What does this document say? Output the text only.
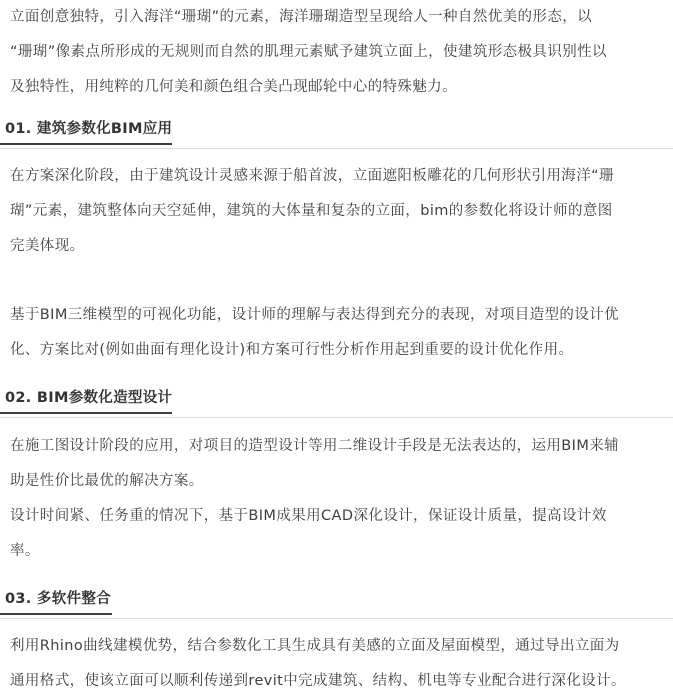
立面创意独特，引入海洋“珊瑚”的元素，海洋珊瑚造型呈现给人一种自然优美的形态，以
“珊瑚”像素点所形成的无规则而自然的肌理元素赋予建筑立面上，使建筑形态极具识别性以
及独特性，用纯粹的几何美和颜色组合美凸现邮轮中心的特殊魅力。
01. 建筑参数化BIM应用
在方案深化阶段，由于建筑设计灵感来源于船首波，立面遮阳板雕花的几何形状引用海洋“珊
瑚”元素，建筑整体向天空延伸，建筑的大体量和复杂的立面，bim的参数化将设计师的意图
完美体现。
基于BIM三维模型的可视化功能，设计师的理解与表达得到充分的表现，对项目造型的设计优
化、方案比对(例如曲面有理化设计)和方案可行性分析作用起到重要的设计优化作用。
02. BIM参数化造型设计
在施工图设计阶段的应用，对项目的造型设计等用二维设计手段是无法表达的，运用BIM来辅
助是性价比最优的解决方案。
设计时间紧、任务重的情况下，基于BIM成果用CAD深化设计，保证设计质量，提高设计效
率。
03. 多软件整合
利用Rhino曲线建模优势，结合参数化工具生成具有美感的立面及屋面模型，通过导出立面为
通用格式，使该立面可以顺利传递到revit中完成建筑、结构、机电等专业配合进行深化设计。
